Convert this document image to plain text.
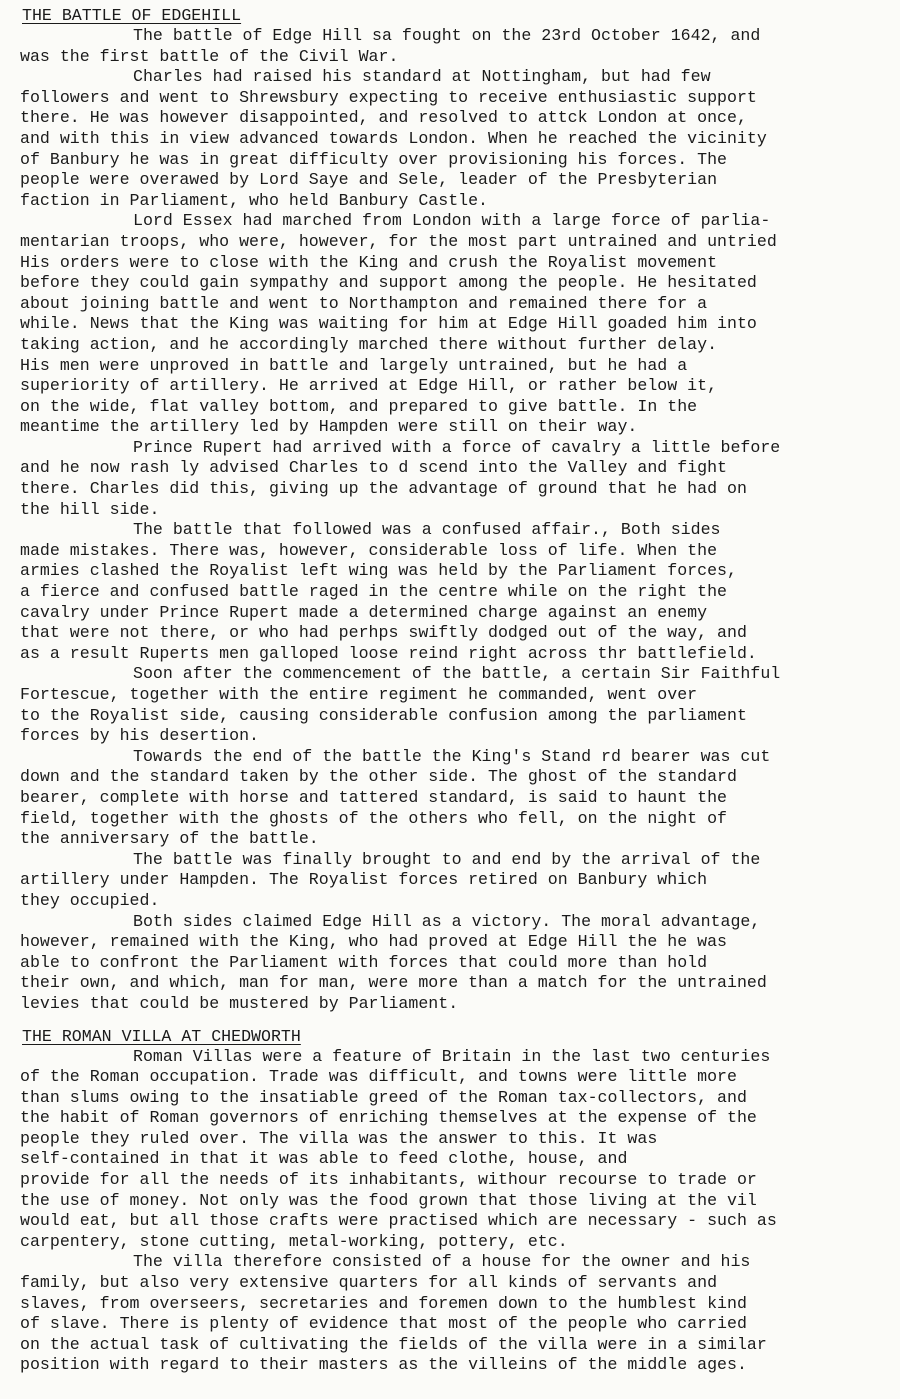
THE BATTLE OF EDGEHILL
The battle of Edge Hill sa fought on the 23rd October 1642, and
was the first battle of the Civil War.
Charles had raised his standard at Nottingham, but had few
followers and went to Shrewsbury expecting to receive enthusiastic support
there. He was however disappointed, and resolved to attck London at once,
and with this in view advanced towards London. When he reached the vicinity
of Banbury he was in great difficulty over provisioning his forces. The
people were overawed by Lord Saye and Sele, leader of the Presbyterian
faction in Parliament, who held Banbury Castle.
Lord Essex had marched from London with a large force of parlia-
mentarian troops, who were, however, for the most part untrained and untried
His orders were to close with the King and crush the Royalist movement
before they could gain sympathy and support among the people. He hesitated
about joining battle and went to Northampton and remained there for a
while. News that the King was waiting for him at Edge Hill goaded him into
taking action, and he accordingly marched there without further delay.
His men were unproved in battle and largely untrained, but he had a
superiority of artillery. He arrived at Edge Hill, or rather below it,
on the wide, flat valley bottom, and prepared to give battle. In the
meantime the artillery led by Hampden were still on their way.
Prince Rupert had arrived with a force of cavalry a little before
and he now rash ly advised Charles to d scend into the Valley and fight
there. Charles did this, giving up the advantage of ground that he had on
the hill side.
The battle that followed was a confused affair., Both sides
made mistakes. There was, however, considerable loss of life. When the
armies clashed the Royalist left wing was held by the Parliament forces,
a fierce and confused battle raged in the centre while on the right the
cavalry under Prince Rupert made a determined charge against an enemy
that were not there, or who had perhps swiftly dodged out of the way, and
as a result Ruperts men galloped loose reind right across thr battlefield.
Soon after the commencement of the battle, a certain Sir Faithful
Fortescue, together with the entire regiment he commanded, went over
to the Royalist side, causing considerable confusion among the parliament
forces by his desertion.
Towards the end of the battle the King's Stand rd bearer was cut
down and the standard taken by the other side. The ghost of the standard
bearer, complete with horse and tattered standard, is said to haunt the
field, together with the ghosts of the others who fell, on the night of
the anniversary of the battle.
The battle was finally brought to and end by the arrival of the
artillery under Hampden. The Royalist forces retired on Banbury which
they occupied.
Both sides claimed Edge Hill as a victory. The moral advantage,
however, remained with the King, who had proved at Edge Hill the he was
able to confront the Parliament with forces that could more than hold
their own, and which, man for man, were more than a match for the untrained
levies that could be mustered by Parliament.
THE ROMAN VILLA AT CHEDWORTH
Roman Villas were a feature of Britain in the last two centuries
of the Roman occupation. Trade was difficult, and towns were little more
than slums owing to the insatiable greed of the Roman tax-collectors, and
the habit of Roman governors of enriching themselves at the expense of the
people they ruled over. The villa was the answer to this. It was
self-contained in that it was able to feed clothe, house, and
provide for all the needs of its inhabitants, withour recourse to trade or
the use of money. Not only was the food grown that those living at the vil
would eat, but all those crafts were practised which are necessary - such as
carpentery, stone cutting, metal-working, pottery, etc.
The villa therefore consisted of a house for the owner and his
family, but also very extensive quarters for all kinds of servants and
slaves, from overseers, secretaries and foremen down to the humblest kind
of slave. There is plenty of evidence that most of the people who carried
on the actual task of cultivating the fields of the villa were in a similar
position with regard to their masters as the villeins of the middle ages.
